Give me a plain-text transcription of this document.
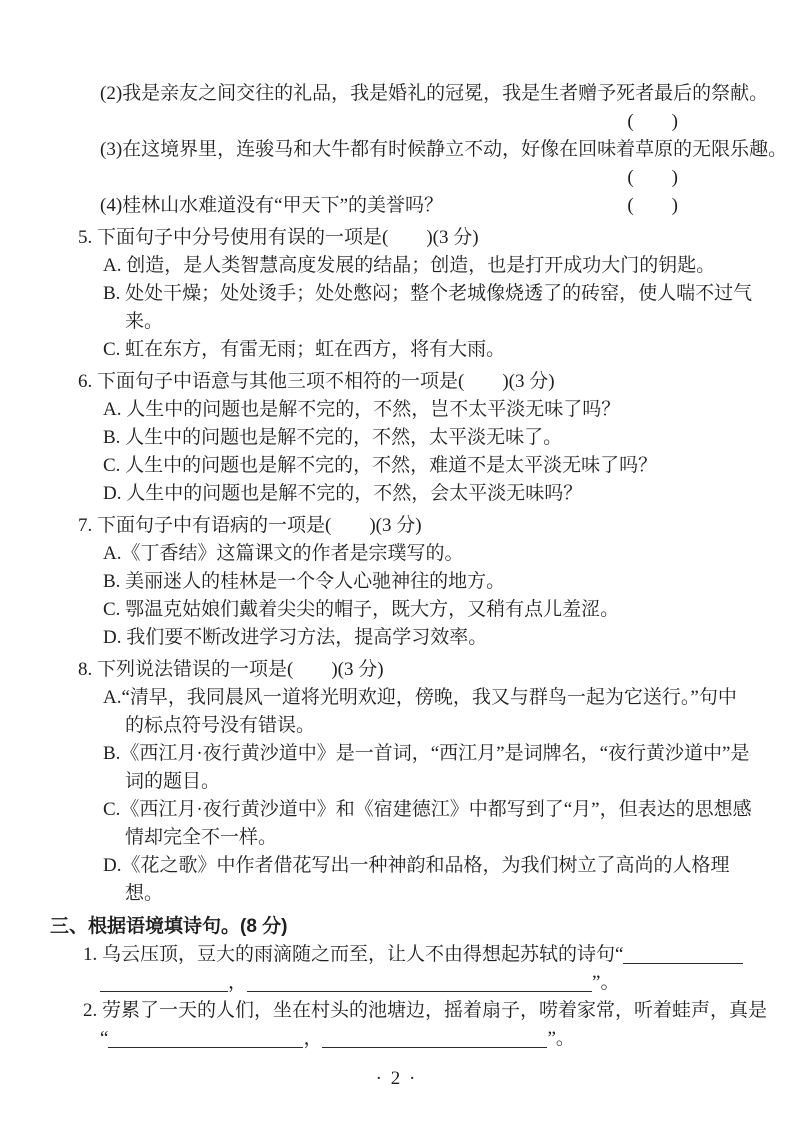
(2)我是亲友之间交往的礼品，我是婚礼的冠冕，我是生者赠予死者最后的祭献。
(　　)
(3)在这境界里，连骏马和大牛都有时候静立不动，好像在回味着草原的无限乐趣。
(　　)
(4)桂林山水难道没有“甲天下”的美誉吗？	(　　)
5. 下面句子中分号使用有误的一项是(　　)(3 分)
A. 创造，是人类智慧高度发展的结晶；创造，也是打开成功大门的钥匙。
B. 处处干燥；处处烫手；处处憋闷；整个老城像烧透了的砖窑，使人喘不过气来。
C. 虹在东方，有雷无雨；虹在西方，将有大雨。
6. 下面句子中语意与其他三项不相符的一项是(　　)(3 分)
A. 人生中的问题也是解不完的，不然，岂不太平淡无味了吗？
B. 人生中的问题也是解不完的，不然，太平淡无味了。
C. 人生中的问题也是解不完的，不然，难道不是太平淡无味了吗？
D. 人生中的问题也是解不完的，不然，会太平淡无味吗？
7. 下面句子中有语病的一项是(　　)(3 分)
A.《丁香结》这篇课文的作者是宗璞写的。
B. 美丽迷人的桂林是一个令人心驰神往的地方。
C. 鄂温克姑娘们戴着尖尖的帽子，既大方，又稍有点儿羞涩。
D. 我们要不断改进学习方法，提高学习效率。
8. 下列说法错误的一项是(　　)(3 分)
A.“清早，我同晨风一道将光明欢迎，傍晚，我又与群鸟一起为它送行。”句中的标点符号没有错误。
B.《西江月·夜行黄沙道中》是一首词，“西江月”是词牌名，“夜行黄沙道中”是词的题目。
C.《西江月·夜行黄沙道中》和《宿建德江》中都写到了“月”，但表达的思想感情却完全不一样。
D.《花之歌》中作者借花写出一种神韵和品格，为我们树立了高尚的人格理想。
三、根据语境填诗句。(8 分)
1. 乌云压顶，豆大的雨滴随之而至，让人不由得想起苏轼的诗句“
，	”。
2. 劳累了一天的人们，坐在村头的池塘边，摇着扇子，唠着家常，听着蛙声，真是
“	，	”。
· 2 ·
